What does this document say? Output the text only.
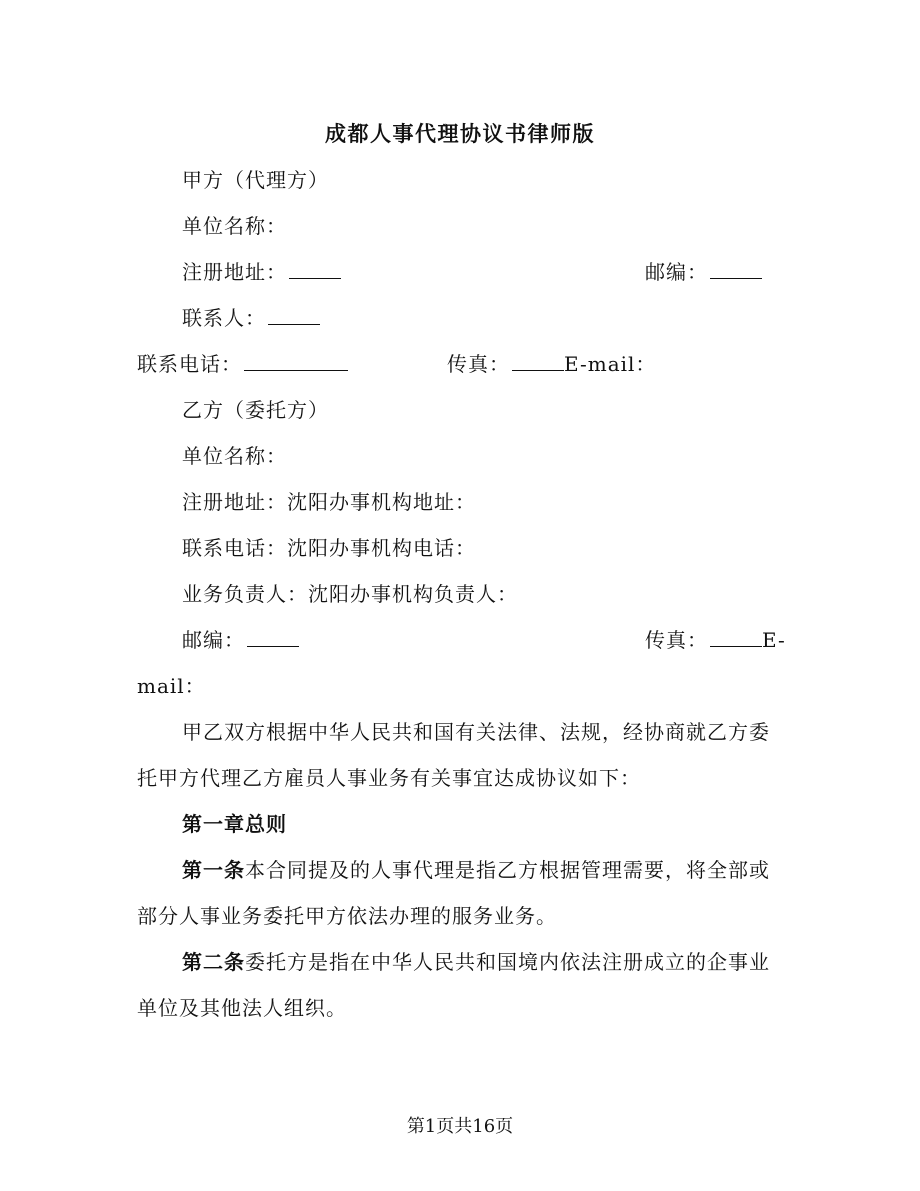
成都人事代理协议书律师版
甲方（代理方）
单位名称：
注册地址：	邮编：
联系人：
联系电话：	传真：	E-mail：
乙方（委托方）
单位名称：
注册地址：沈阳办事机构地址：
联系电话：沈阳办事机构电话：
业务负责人：沈阳办事机构负责人：
邮编：	传真：	E-
mail：
甲乙双方根据中华人民共和国有关法律、法规，经协商就乙方委
托甲方代理乙方雇员人事业务有关事宜达成协议如下：
第一章总则
第一条本合同提及的人事代理是指乙方根据管理需要，将全部或
部分人事业务委托甲方依法办理的服务业务。
第二条委托方是指在中华人民共和国境内依法注册成立的企事业
单位及其他法人组织。
第1页共16页
